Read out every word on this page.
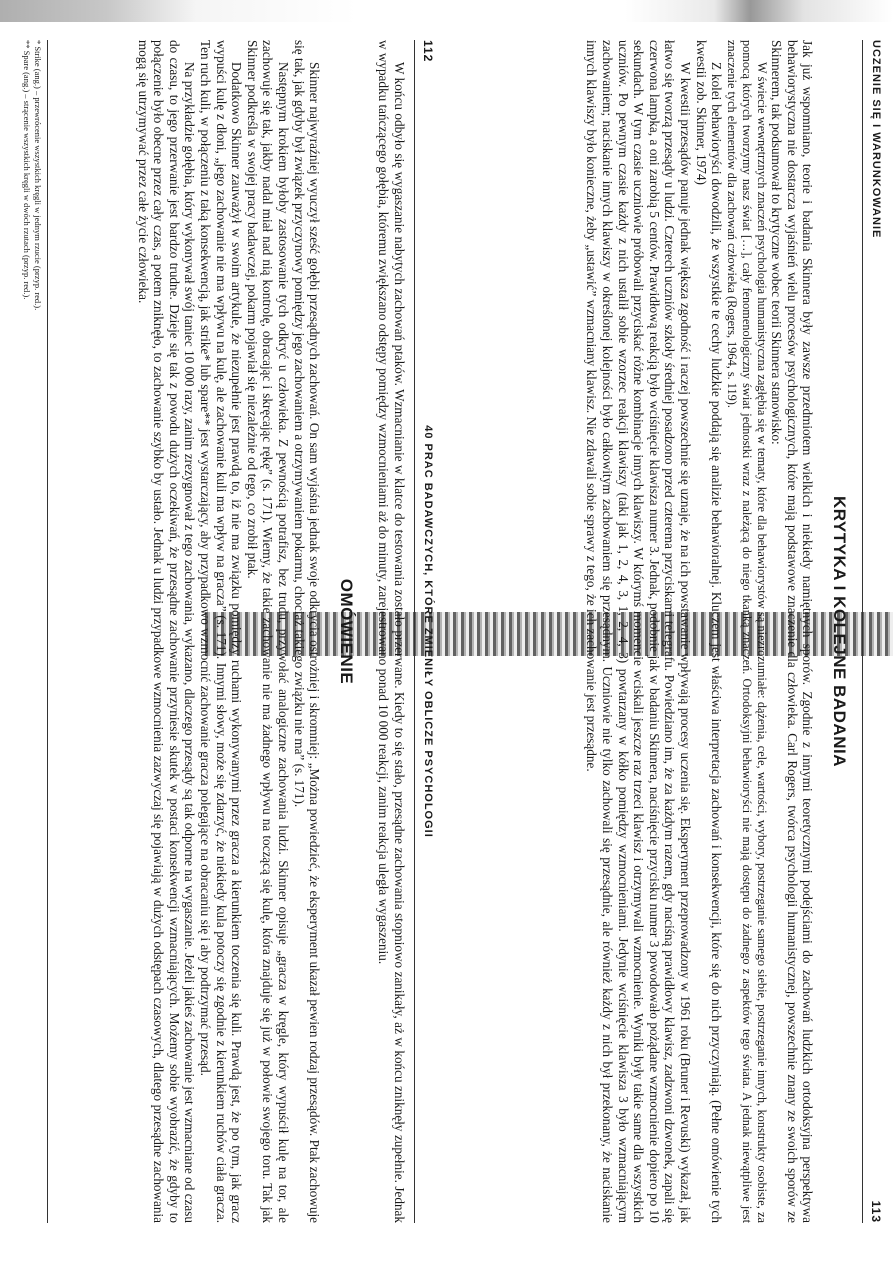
112
40 PRAC BADAWCZYCH, KTÓRE ZMIENIŁY OBLICZE PSYCHOLOGII

W końcu odbyło się wygaszanie nabytych zachowań ptaków. Wzmacnianie w klatce do testowania zostało przerwane. Kiedy to się stało, przesądne zachowania stopniowo zanikały, aż w końcu zniknęły zupełnie. Jednak w wypadku tańczącego gołębia, któremu zwiększano odstępy pomiędzy wzmocnieniami aż do minuty, zarejestrowano ponad 10 000 reakcji, zanim reakcja uległa wygaszeniu.

OMÓWIENIE

Skinner najwyraźniej wyuczył sześć gołębi przesądnych zachowań. On sam wyjaśnia jednak swoje odkrycia ostrożniej i skromniej: „Można powiedzieć, że eksperyment ukazał pewien rodzaj przesądów. Ptak zachowuje się tak, jak gdyby był związek przyczynowy pomiędzy jego zachowaniem a otrzymywaniem pokarmu, chociaż takiego związku nie ma” (s. 171).

Następnym krokiem byłoby zastosowanie tych odkryć u człowieka. Z pewnością potrafisz, bez trudu, przywołać analogiczne zachowania ludzi. Skinner opisuje „gracza w kręgle, który wypuścił kulę na tor, ale zachowuje się tak, jakby nadal miał nad nią kontrolę, obracając i skręcając rękę” (s. 171). Wiemy, że takie zachowanie nie ma żadnego wpływu na toczącą się kulę, która znajduje się już w połowie swojego toru. Tak jak Skinner podkreśla w swojej pracy badawczej, pokarm pojawiał się niezależnie od tego, co zrobił ptak.

Dodatkowo Skinner zauważył w swoim artykule, że niezupełnie jest prawdą to, iż nie ma związku pomiędzy ruchami wykonywanymi przez gracza a kierunkiem toczenia się kuli. Prawdą jest, że po tym, jak gracz wypuści kulę z dłoni, „jego zachowanie nie ma wpływu na kulę, ale zachowanie kuli ma wpływ na gracza” (s. 171). Innymi słowy, może się zdarzyć, że niekiedy kula potoczy się zgodnie z kierunkiem ruchów ciała gracza. Ten ruch kuli, w połączeniu z taką konsekwencją, jak strike* lub spare** jest wystarczający, aby przypadkowo wzmocnić zachowanie gracza polegające na obracaniu się i aby podtrzymać przesąd.

Na przykładzie gołębia, który wykonywał swój taniec 10 000 razy, zanim zrezygnował z tego zachowania, wykazano, dlaczego przesądy są tak odporne na wygaszanie. Jeżeli jakieś zachowanie jest wzmacniane od czasu do czasu, to jego przerwanie jest bardzo trudne. Dzieje się tak z powodu dużych oczekiwań, że przesądne zachowanie przyniesie skutek w postaci konsekwencji wzmacniających. Możemy sobie wyobrazić, że gdyby to połączenie było obecne przez cały czas, a potem zniknęło, to zachowanie szybko by ustało. Jednak u ludzi przypadkowe wzmocnienia zazwyczaj się pojawiają w dużych odstępach czasowych, dlatego przesądne zachowania mogą się utrzymywać przez całe życie człowieka.

* Strike (ang.) – przewrócenie wszystkich kręgli w jednym rzucie (przyp. red.).
** Spare (ang.) – strącenie wszystkich kręgli w dwóch rzutach (przyp. red.).	UCZENIE SIĘ I WARUNKOWANIE
113
KRYTYKA I KOLEJNE BADANIA

Jak już wspomniano, teorie i badania Skinnera były zawsze przedmiotem wielkich i niekiedy namiętnych sporów. Zgodnie z innymi teoretycznymi podejściami do zachowań ludzkich ortodoksyjna perspektywa behawiorystyczna nie dostarcza wyjaśnień wielu procesów psychologicznych, które mają podstawowe znaczenie dla człowieka. Carl Rogers, twórca psychologii humanistycznej, powszechnie znany ze swoich sporów ze Skinnerem, tak podsumował to krytyczne wobec teorii Skinnera stanowisko:

W świecie wewnętrznych znaczeń psychologia humanistyczna zagłębia się w tematy, które dla behawiorystów są niezrozumiałe: dążenia, cele, wartości, wybory, postrzeganie samego siebie, postrzeganie innych, konstrukty osobiste, za pomocą których tworzymy nasz świat […], cały fenomenologiczny świat jednostki wraz z należącą do niego tkanką znaczeń. Ortodoksyjni behawioryści nie mają dostępu do żadnego z aspektów tego świata. A jednak niewątpliwe jest znaczenie tych elementów dla zachowań człowieka (Rogers, 1964, s. 119).

Z kolei behawioryści dowodzili, że wszystkie te cechy ludzkie poddają się analizie behawioralnej. Kluczem jest właściwa interpretacja zachowań i konsekwencji, które się do nich przyczyniają. (Pełne omówienie tych kwestii zob. Skinner, 1974)

W kwestii przesądów panuje jednak większa zgodność i raczej powszechnie się uznaje, że na ich powstawanie wpływają procesy uczenia się. Eksperyment przeprowadzony w 1961 roku (Bruner i Revuski) wykazał, jak łatwo się tworzą przesądy u ludzi. Czterech uczniów szkoły średniej posadzono przed czterema przyciskami telegrafu. Powiedziano im, że za każdym razem, gdy naciśną prawidłowy klawisz, zadzwoni dzwonek, zapali się czerwona lampka, a oni zarobią 5 centów. Prawidłową reakcją było wciśnięcie klawisza numer 3. Jednak, podobnie jak w badaniu Skinnera, naciśnięcie przycisku numer 3 powodowało pożądane wzmocnienie dopiero po 10 sekundach. W tym czasie uczniowie próbowali przyciskać różne kombinacje innych klawiszy. W którymś momencie wciskali jeszcze raz trzeci klawisz i otrzymywali wzmocnienie. Wyniki były takie same dla wszystkich uczniów. Po pewnym czasie każdy z nich ustalił sobie wzorzec reakcji klawiszy (taki jak 1, 2, 4, 3, 1, 2, 4, 3) powtarzany w kółko pomiędzy wzmocnieniami. Jedynie wciśnięcie klawisza 3 było wzmacniającym zachowaniem; naciskanie innych klawiszy w określonej kolejności było całkowitym zachowaniem się przesądnym. Uczniowie nie tylko zachowali się przesądnie, ale również każdy z nich był przekonany, że naciskanie innych klawiszy było konieczne, żeby „ustawić” wzmacniany klawisz. Nie zdawali sobie sprawy z tego, że ich zachowanie jest przesądne.
